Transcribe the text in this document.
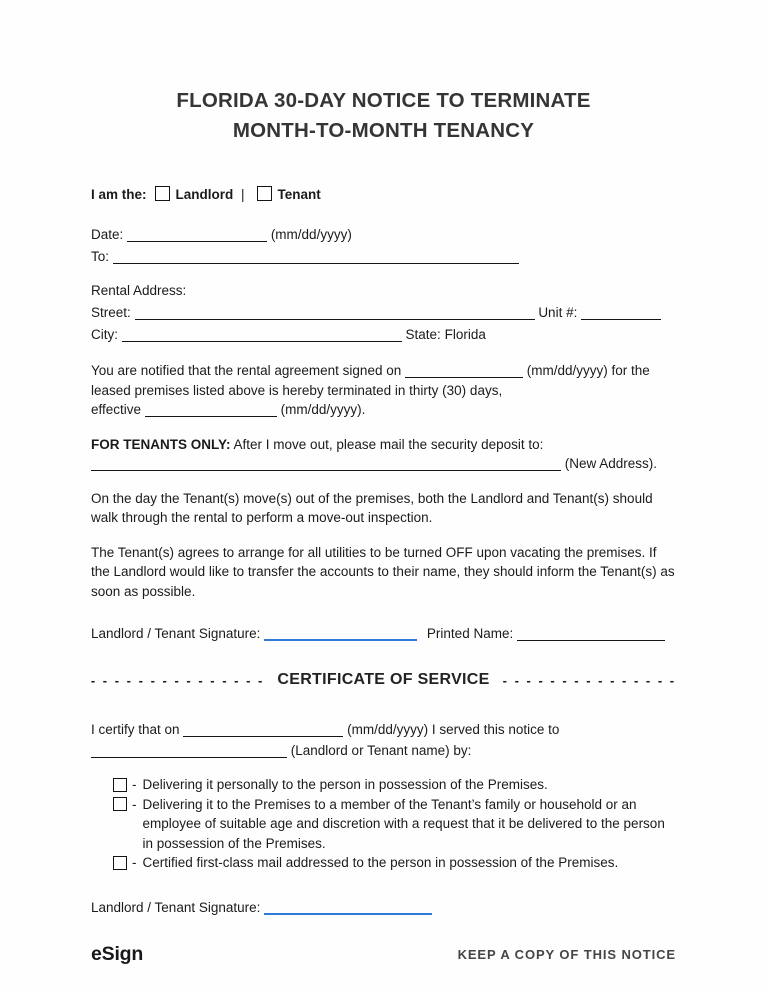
FLORIDA 30-DAY NOTICE TO TERMINATE
MONTH-TO-MONTH TENANCY
I am the: Landlord | Tenant
Date:	(mm/dd/yyyy)
To:
Rental Address:
Street:	Unit #:
City:	State: Florida

You are notified that the rental agreement signed on	(mm/dd/yyyy) for the leased premises listed above is hereby terminated in thirty (30) days,
effective	(mm/dd/yyyy).

FOR TENANTS ONLY: After I move out, please mail the security deposit to:
(New Address).

On the day the Tenant(s) move(s) out of the premises, both the Landlord and Tenant(s) should walk through the rental to perform a move-out inspection.

The Tenant(s) agrees to arrange for all utilities to be turned OFF upon vacating the premises. If the Landlord would like to transfer the accounts to their name, they should inform the Tenant(s) as soon as possible.

Landlord / Tenant Signature:	Printed Name:
- - - - - - - - - - - - - - - CERTIFICATE OF SERVICE - - - - - - - - - - - - - - -
I certify that on	(mm/dd/yyyy) I served this notice to
(Landlord or Tenant name) by:
- Delivering it personally to the person in possession of the Premises.
- Delivering it to the Premises to a member of the Tenant’s family or household or an employee of suitable age and discretion with a request that it be delivered to the person in possession of the Premises.
- Certified first-class mail addressed to the person in possession of the Premises.
Landlord / Tenant Signature:
eSign	KEEP A COPY OF THIS NOTICE
